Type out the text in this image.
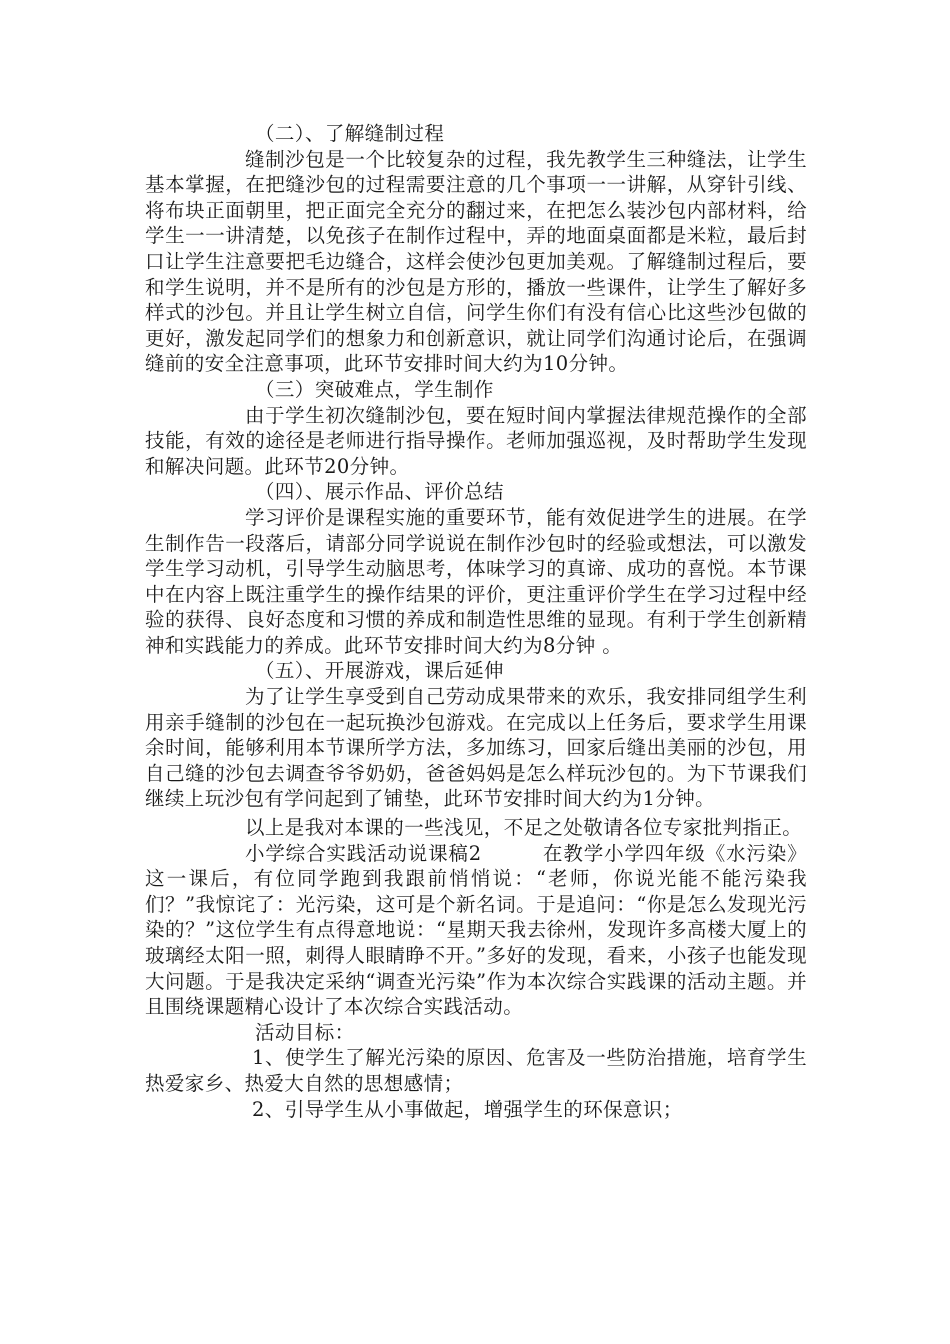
（二）、了解缝制过程

缝制沙包是一个比较复杂的过程，我先教学生三种缝法，让学生基本掌握，在把缝沙包的过程需要注意的几个事项一一讲解，从穿针引线、将布块正面朝里，把正面完全充分的翻过来，在把怎么装沙包内部材料，给学生一一讲清楚，以免孩子在制作过程中，弄的地面桌面都是米粒，最后封口让学生注意要把毛边缝合，这样会使沙包更加美观。了解缝制过程后，要和学生说明，并不是所有的沙包是方形的，播放一些课件，让学生了解好多样式的沙包。并且让学生树立自信，问学生你们有没有信心比这些沙包做的更好，激发起同学们的想象力和创新意识，就让同学们沟通讨论后，在强调缝前的安全注意事项，此环节安排时间大约为10分钟。

（三）突破难点，学生制作

由于学生初次缝制沙包，要在短时间内掌握法律规范操作的全部技能，有效的途径是老师进行指导操作。老师加强巡视，及时帮助学生发现和解决问题。此环节20分钟。

（四）、展示作品、评价总结

学习评价是课程实施的重要环节，能有效促进学生的进展。在学生制作告一段落后，请部分同学说说在制作沙包时的经验或想法，可以激发学生学习动机，引导学生动脑思考，体味学习的真谛、成功的喜悦。本节课中在内容上既注重学生的操作结果的评价，更注重评价学生在学习过程中经验的获得、良好态度和习惯的养成和制造性思维的显现。有利于学生创新精神和实践能力的养成。此环节安排时间大约为8分钟 。

（五）、开展游戏，课后延伸

为了让学生享受到自己劳动成果带来的欢乐，我安排同组学生利用亲手缝制的沙包在一起玩换沙包游戏。在完成以上任务后，要求学生用课余时间，能够利用本节课所学方法，多加练习，回家后缝出美丽的沙包，用自己缝的沙包去调查爷爷奶奶，爸爸妈妈是怎么样玩沙包的。为下节课我们继续上玩沙包有学问起到了铺垫，此环节安排时间大约为1分钟。

以上是我对本课的一些浅见，不足之处敬请各位专家批判指正。

小学综合实践活动说课稿2　　　在教学小学四年级《水污染》这一课后，有位同学跑到我跟前悄悄说：“老师，你说光能不能污染我们？”我惊诧了：光污染，这可是个新名词。于是追问：“你是怎么发现光污染的？”这位学生有点得意地说：“星期天我去徐州，发现许多高楼大厦上的玻璃经太阳一照，刺得人眼睛睁不开。”多好的发现，看来，小孩子也能发现大问题。于是我决定采纳“调查光污染”作为本次综合实践课的活动主题。并且围绕课题精心设计了本次综合实践活动。

活动目标：

1、使学生了解光污染的原因、危害及一些防治措施，培育学生热爱家乡、热爱大自然的思想感情；

2、引导学生从小事做起，增强学生的环保意识；
